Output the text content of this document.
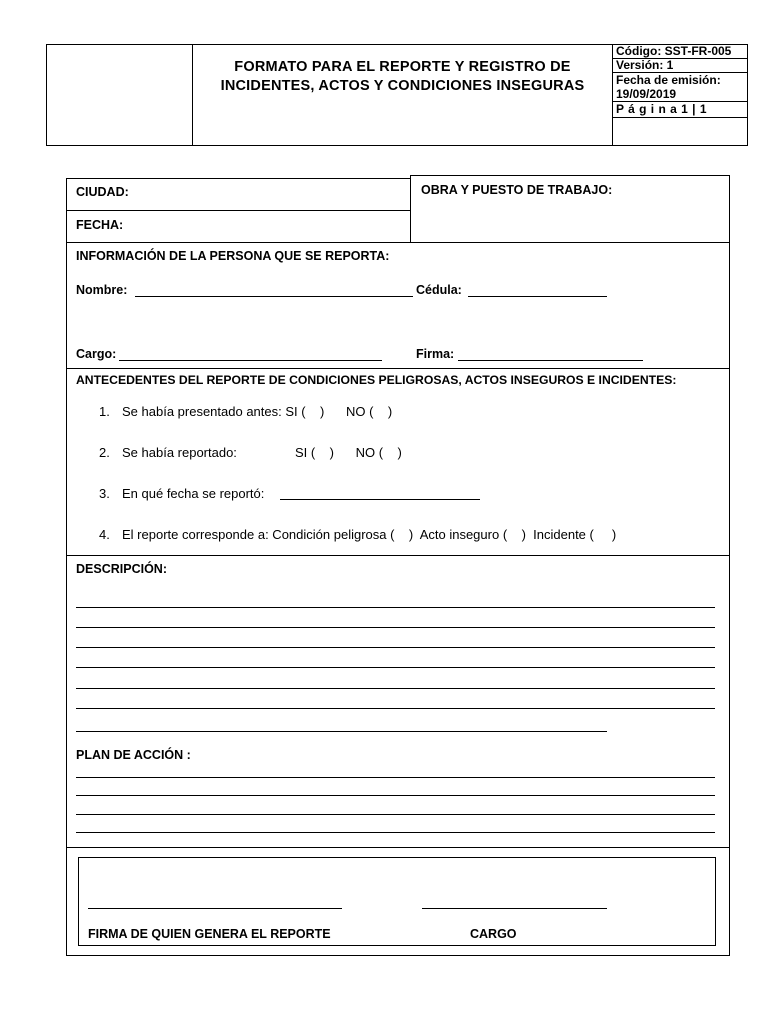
FORMATO PARA EL REPORTE Y REGISTRO DE
INCIDENTES, ACTOS Y CONDICIONES INSEGURAS
Código: SST-FR-005
Versión: 1
Fecha de emisión:
19/09/2019
P á g i n a 1 | 1
CIUDAD:
FECHA:
OBRA Y PUESTO DE TRABAJO:
INFORMACIÓN DE LA PERSONA QUE SE REPORTA:
Nombre:	Cédula:
Cargo:	Firma:
ANTECEDENTES DEL REPORTE DE CONDICIONES PELIGROSAS, ACTOS INSEGUROS E INCIDENTES:
1. Se había presentado antes: SI (    )      NO (    )
2. Se había reportado:	SI (    )      NO (    )
3. En qué fecha se reportó:
4. El reporte corresponde a: Condición peligrosa (    )  Acto inseguro (    )  Incidente (     )
DESCRIPCIÓN:
PLAN DE ACCIÓN :
FIRMA DE QUIEN GENERA EL REPORTE	CARGO
